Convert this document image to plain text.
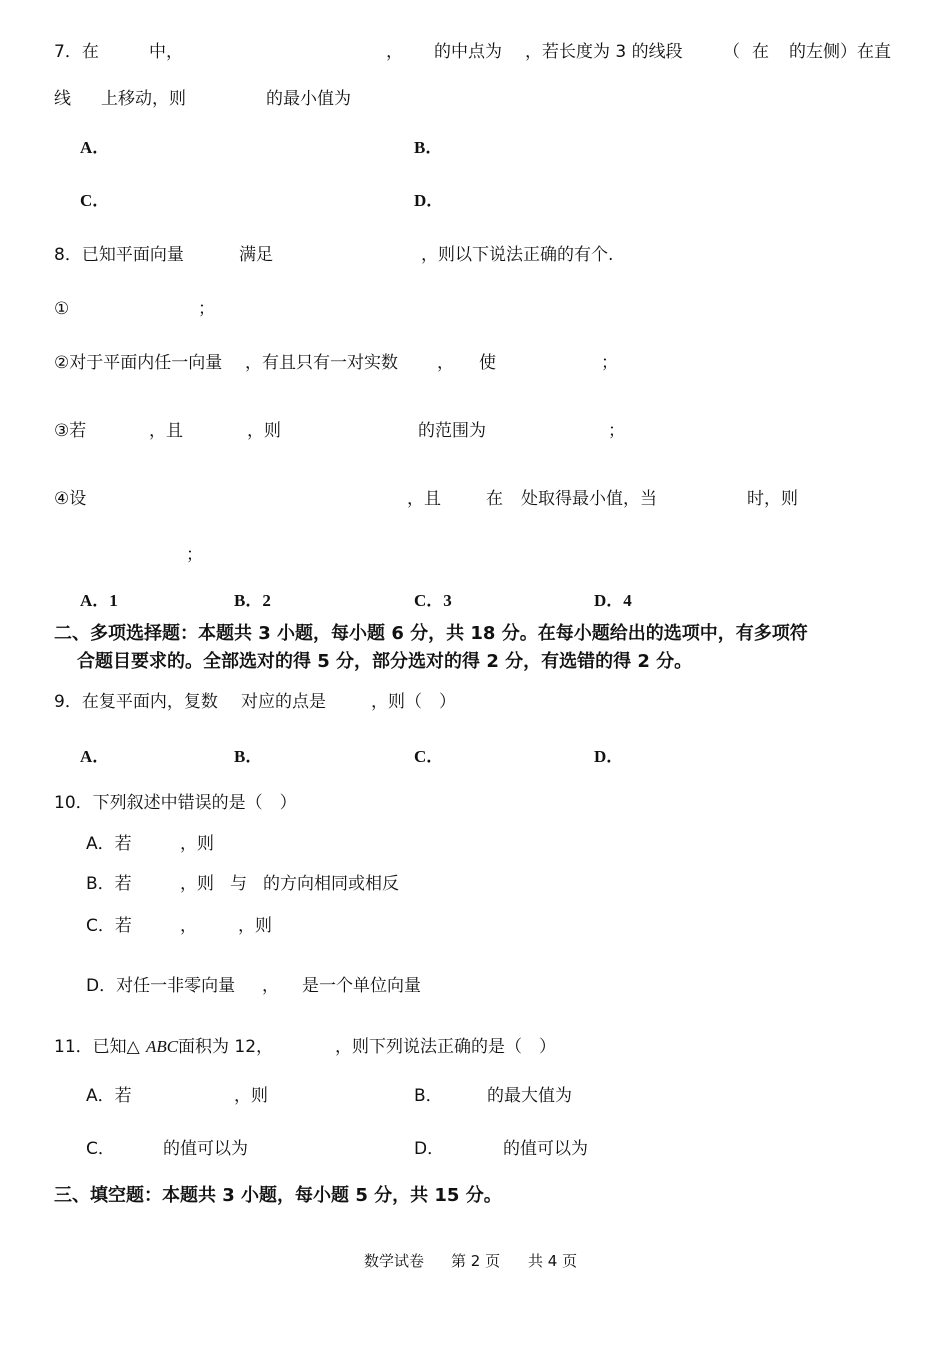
7．在	中，	， 的中点为 ，若长度为 3 的线段 （ 在 的左侧）在直
线 上移动，则	的最小值为
A．	B．
C．	D．
8．已知平面向量	满足	，则以下说法正确的有个.
①	；
②对于平面内任一向量 ，有且只有一对实数 ， 使	；
③若	，且	，则	的范围为	；
④设	，且	在 处取得最小值，当	时，则
；
A．1	B．2	C．3	D．4
二、多项选择题：本题共 3 小题，每小题 6 分，共 18 分。在每小题给出的选项中，有多项符
合题目要求的。全部选对的得 5 分，部分选对的得 2 分，有选错的得 2 分。
9．在复平面内，复数 对应的点是	，则（　）
A．	B．	C．	D．
10．下列叙述中错误的是（　）
A．若	，则
B．若	，则 与 的方向相同或相反
C．若	， ，则
D．对任一非零向量 ， 是一个单位向量
11．已知△ ABC 面积为 12，	，则下列说法正确的是（　）
A．若	，则	B．	的最大值为
C．	的值可以为	D．	的值可以为
三、填空题：本题共 3 小题，每小题 5 分，共 15 分。
数学试卷 第 2 页 共 4 页
